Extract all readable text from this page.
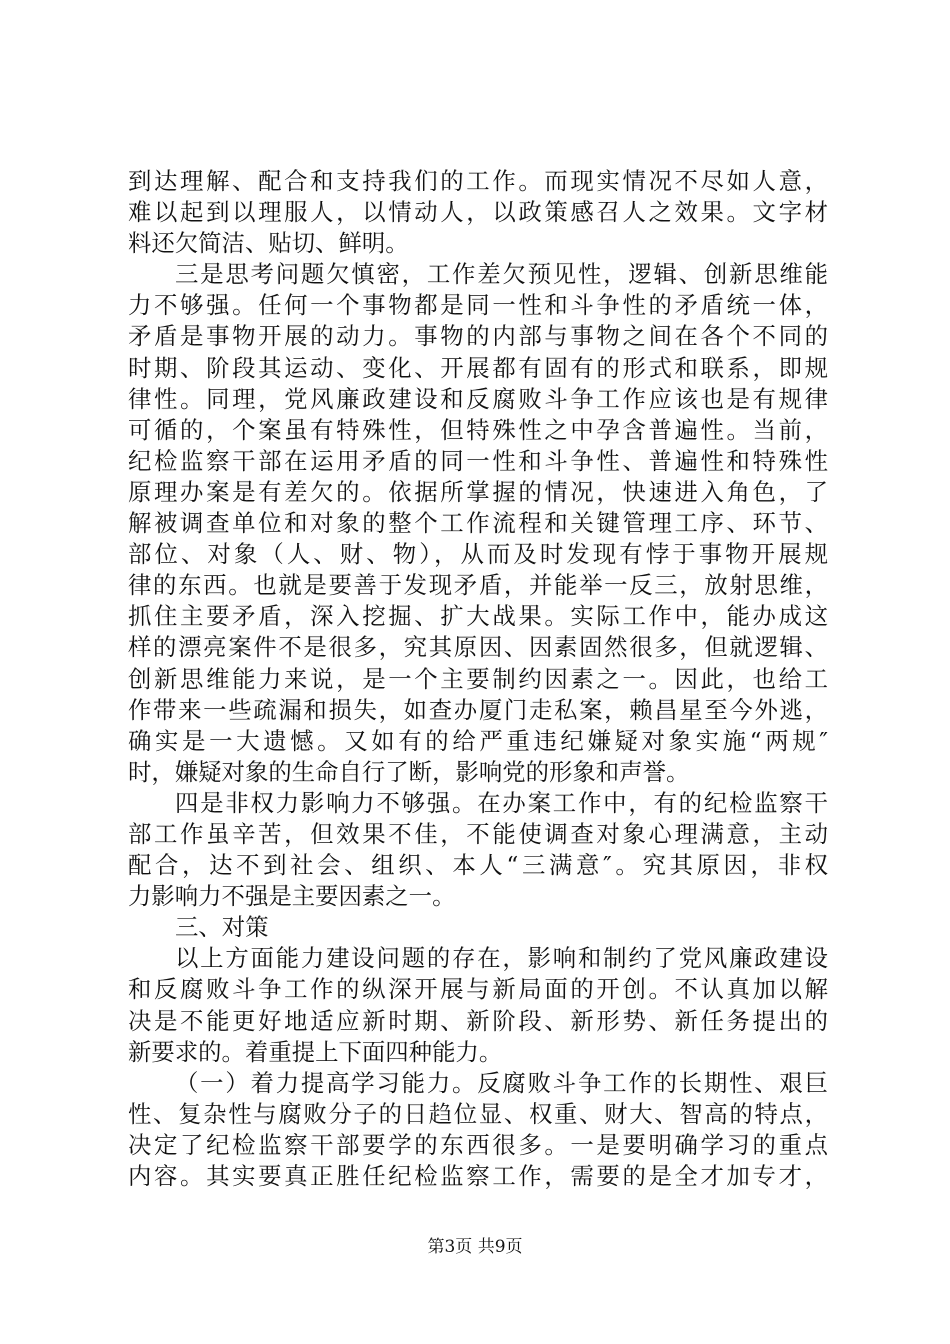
到达理解、配合和支持我们的工作。而现实情况不尽如人意，
难以起到以理服人，以情动人，以政策感召人之效果。文字材
料还欠简洁、贴切、鲜明。
三是思考问题欠慎密，工作差欠预见性，逻辑、创新思维能
力不够强。任何一个事物都是同一性和斗争性的矛盾统一体，
矛盾是事物开展的动力。事物的内部与事物之间在各个不同的
时期、阶段其运动、变化、开展都有固有的形式和联系，即规
律性。同理，党风廉政建设和反腐败斗争工作应该也是有规律
可循的，个案虽有特殊性，但特殊性之中孕含普遍性。当前，
纪检监察干部在运用矛盾的同一性和斗争性、普遍性和特殊性
原理办案是有差欠的。依据所掌握的情况，快速进入角色，了
解被调查单位和对象的整个工作流程和关键管理工序、环节、
部位、对象（人、财、物），从而及时发现有悖于事物开展规
律的东西。也就是要善于发现矛盾，并能举一反三，放射思维，
抓住主要矛盾，深入挖掘、扩大战果。实际工作中，能办成这
样的漂亮案件不是很多，究其原因、因素固然很多，但就逻辑、
创新思维能力来说，是一个主要制约因素之一。因此，也给工
作带来一些疏漏和损失，如查办厦门走私案，赖昌星至今外逃，
确实是一大遗憾。又如有的给严重违纪嫌疑对象实施“两规″
时，嫌疑对象的生命自行了断，影响党的形象和声誉。
四是非权力影响力不够强。在办案工作中，有的纪检监察干
部工作虽辛苦，但效果不佳，不能使调查对象心理满意，主动
配合，达不到社会、组织、本人“三满意″。究其原因，非权
力影响力不强是主要因素之一。
三、对策
以上方面能力建设问题的存在，影响和制约了党风廉政建设
和反腐败斗争工作的纵深开展与新局面的开创。不认真加以解
决是不能更好地适应新时期、新阶段、新形势、新任务提出的
新要求的。着重提上下面四种能力。
（一）着力提高学习能力。反腐败斗争工作的长期性、艰巨
性、复杂性与腐败分子的日趋位显、权重、财大、智高的特点，
决定了纪检监察干部要学的东西很多。一是要明确学习的重点
内容。其实要真正胜任纪检监察工作，需要的是全才加专才，
第3页 共9页
